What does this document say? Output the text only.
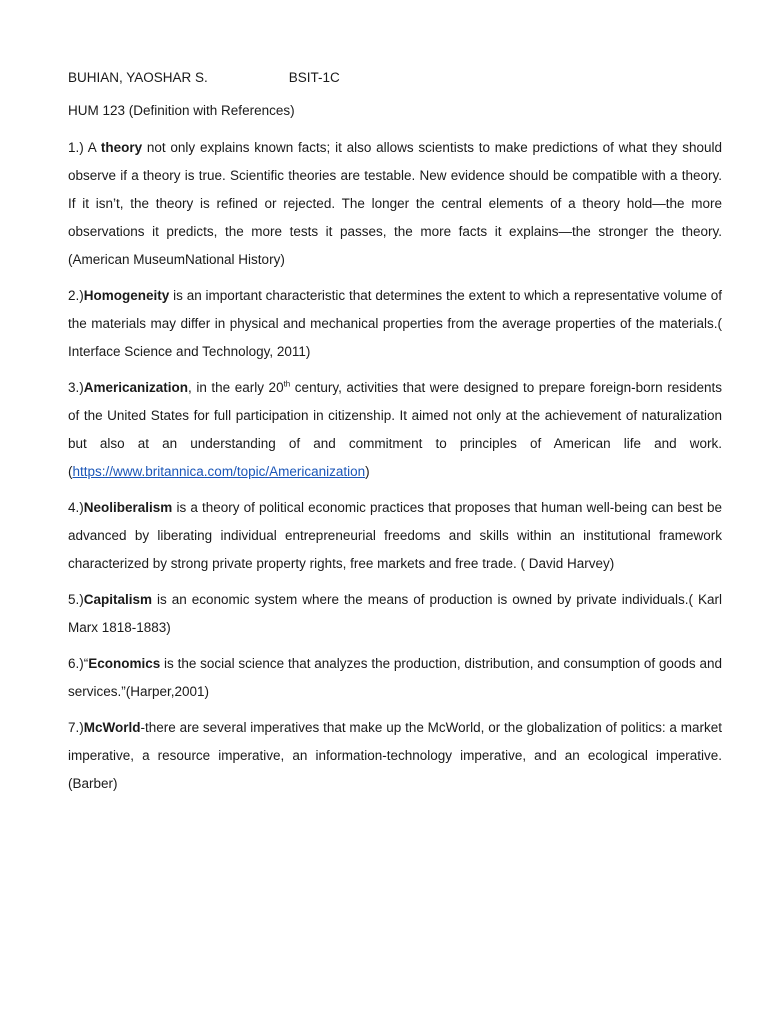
BUHIAN, YAOSHAR S.	BSIT-1C
HUM 123 (Definition with References)

1.) A theory not only explains known facts; it also allows scientists to make predictions of what they should observe if a theory is true. Scientific theories are testable. New evidence should be compatible with a theory. If it isn’t, the theory is refined or rejected. The longer the central elements of a theory hold—the more observations it predicts, the more tests it passes, the more facts it explains—the stronger the theory.(American MuseumNational History)

2.)Homogeneity is an important characteristic that determines the extent to which a representative volume of the materials may differ in physical and mechanical properties from the average properties of the materials.( Interface Science and Technology, 2011)

3.)Americanization, in the early 20th century, activities that were designed to prepare foreign-born residents of the United States for full participation in citizenship. It aimed not only at the achievement of naturalization but also at an understanding of and commitment to principles of American life and work.(https://www.britannica.com/topic/Americanization)

4.)Neoliberalism is a theory of political economic practices that proposes that human well-being can best be advanced by liberating individual entrepreneurial freedoms and skills within an institutional framework characterized by strong private property rights, free markets and free trade. ( David Harvey)

5.)Capitalism is an economic system where the means of production is owned by private individuals.( Karl Marx 1818-1883)

6.)“Economics is the social science that analyzes the production, distribution, and consumption of goods and services.”(Harper,2001)

7.)McWorld-there are several imperatives that make up the McWorld, or the globalization of politics: a market imperative, a resource imperative, an information-technology imperative, and an ecological imperative.(Barber)
